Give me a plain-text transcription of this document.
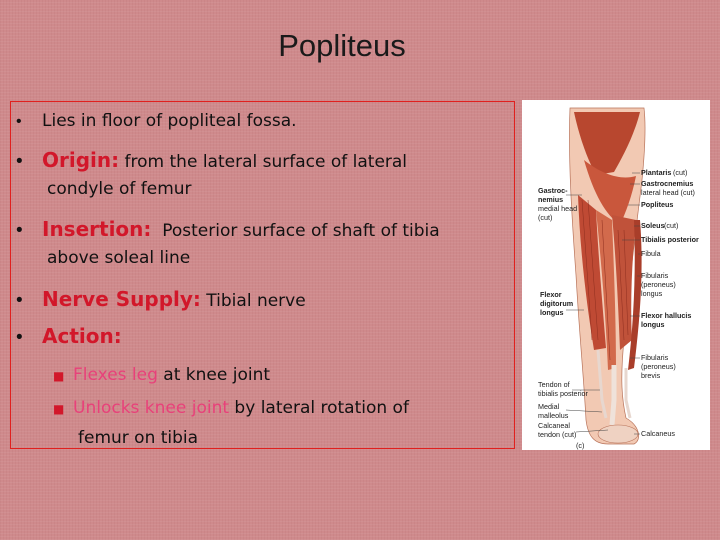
Popliteus
•	Lies in floor of popliteal fossa.
• Origin: from the lateral surface of lateral
condyle of femur
• Insertion: Posterior surface of shaft of tibia
above soleal line
• Nerve Supply: Tibial nerve
• Action:
■ Flexes leg at knee joint
■ Unlocks knee joint by lateral rotation of
femur on tibia
Plantaris (cut)
Gastrocnemius
lateral head (cut)
Popliteus
Soleus (cut)
Tibialis posterior
Fibula
Fibularis
(peroneus)
longus
Flexor hallucis
longus
Fibularis
(peroneus)
brevis
Calcaneus
Gastroc-
nemius
medial head
(cut)
Flexor
digitorum
longus
Tendon of
tibialis posterior
Medial
malleolus
Calcaneal
tendon (cut)
(c)
